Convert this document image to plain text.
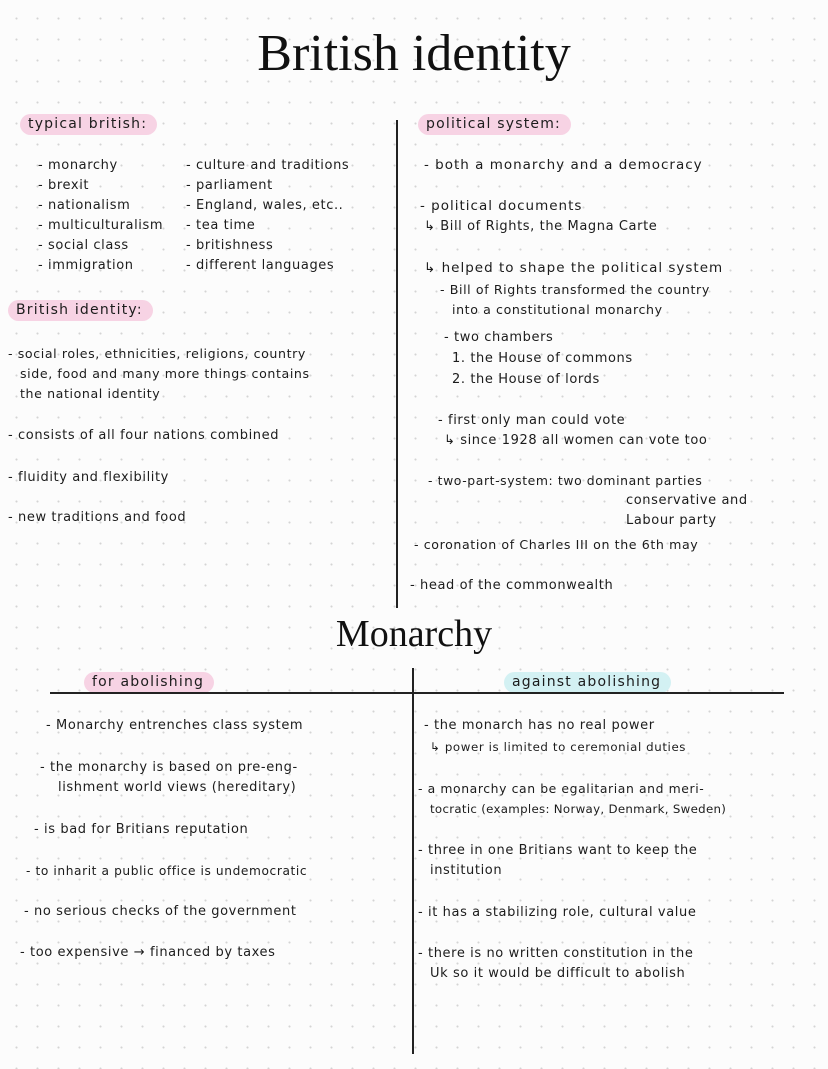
British identity
typical british:
- monarchy
- brexit
- nationalism
- multiculturalism
- social class
- immigration
- culture and traditions
- parliament
- England, wales, etc..
- tea time
- britishness
- different languages
British identity:
- social roles, ethnicities, religions, country
side, food and many more things contains
the national identity
- consists of all four nations combined
- fluidity and flexibility
- new traditions and food
political system:
- both a monarchy and a democracy
- political documents
↳ Bill of Rights, the Magna Carte
↳ helped to shape the political system
- Bill of Rights transformed the country
into a constitutional monarchy
- two chambers
1. the House of commons
2. the House of lords
- first only man could vote
↳ since 1928 all women can vote too
- two-part-system: two dominant parties
conservative and
Labour party
- coronation of Charles III on the 6th may
- head of the commonwealth
Monarchy
for abolishing	against abolishing
- Monarchy entrenches class system
- the monarchy is based on pre-eng-
lishment world views (hereditary)
- is bad for Britians reputation
- to inharit a public office is undemocratic
- no serious checks of the government
- too expensive → financed by taxes
- the monarch has no real power
↳ power is limited to ceremonial duties
- a monarchy can be egalitarian and meri-
tocratic (examples: Norway, Denmark, Sweden)
- three in one Britians want to keep the
institution
- it has a stabilizing role, cultural value
- there is no written constitution in the
Uk so it would be difficult to abolish
